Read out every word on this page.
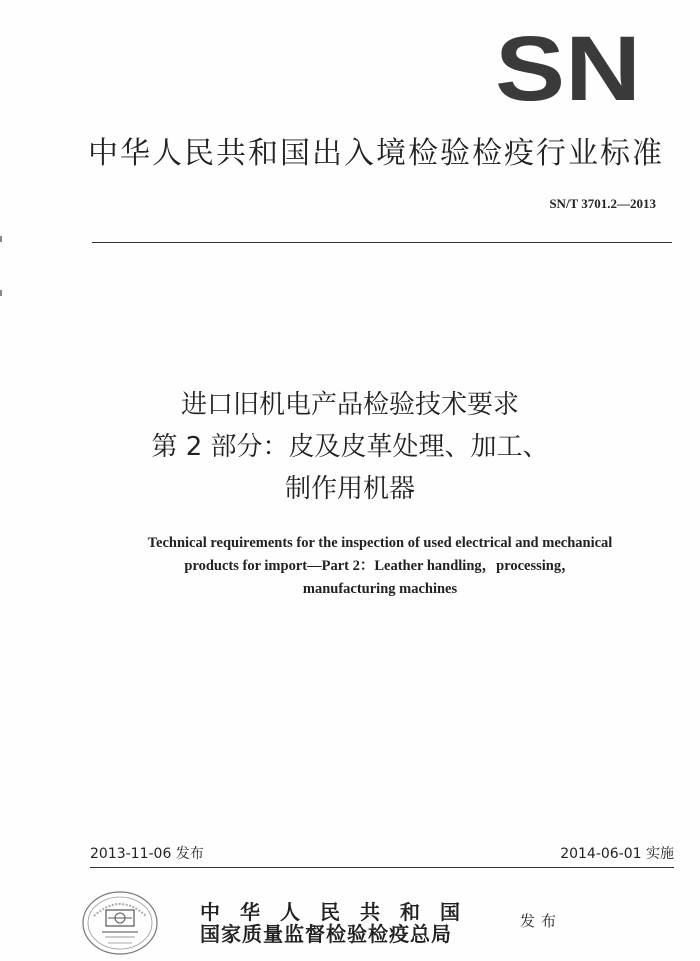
SN
中华人民共和国出入境检验检疫行业标准
SN/T 3701.2—2013
进口旧机电产品检验技术要求
第 2 部分：皮及皮革处理、加工、
制作用机器
Technical requirements for the inspection of used electrical and mechanical
products for import—Part 2：Leather handling，processing，
manufacturing machines
2013-11-06 发布	2014-06-01 实施
中华人民共和国
国家质量监督检验检疫总局
发布
